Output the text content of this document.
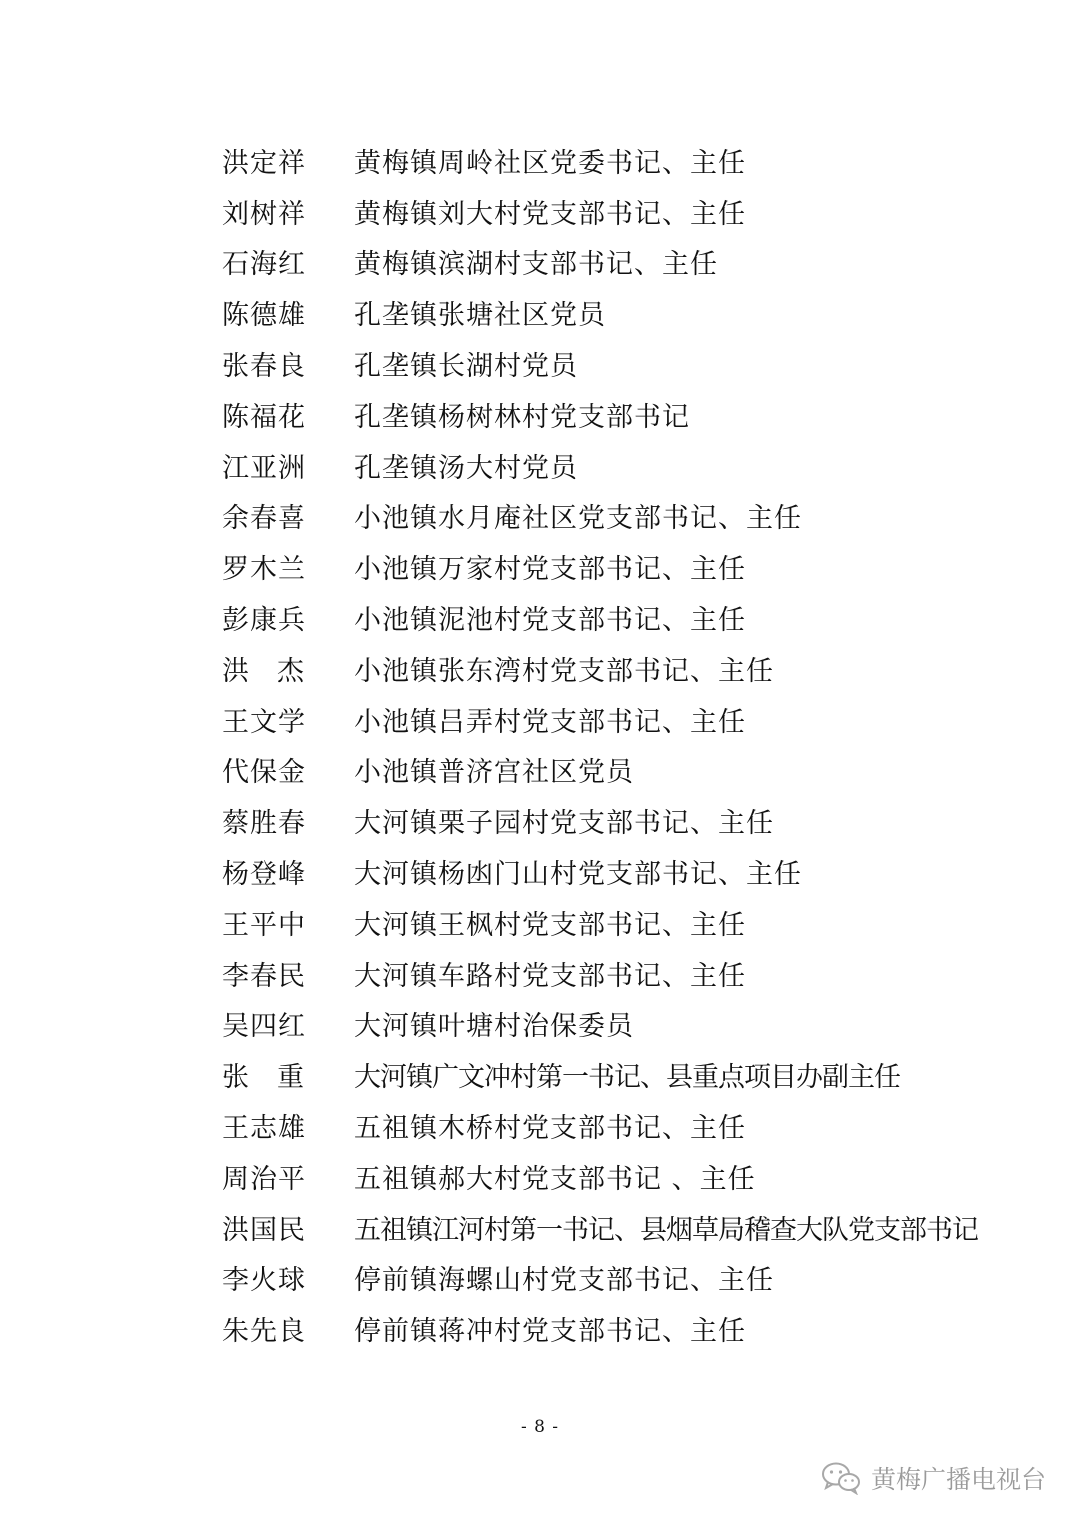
洪定祥	黄梅镇周岭社区党委书记、主任
刘树祥	黄梅镇刘大村党支部书记、主任
石海红	黄梅镇滨湖村支部书记、主任
陈德雄	孔垄镇张塘社区党员
张春良	孔垄镇长湖村党员
陈福花	孔垄镇杨树林村党支部书记
江亚洲	孔垄镇汤大村党员
余春喜	小池镇水月庵社区党支部书记、主任
罗木兰	小池镇万家村党支部书记、主任
彭康兵	小池镇泥池村党支部书记、主任
洪杰 小池镇张东湾村党支部书记、主任
王文学	小池镇吕弄村党支部书记、主任
代保金	小池镇普济宫社区党员
蔡胜春	大河镇栗子园村党支部书记、主任
杨登峰	大河镇杨凼门山村党支部书记、主任
王平中	大河镇王枫村党支部书记、主任
李春民	大河镇车路村党支部书记、主任
吴四红	大河镇叶塘村治保委员
张重 大河镇广文冲村第一书记、县重点项目办副主任
王志雄	五祖镇木桥村党支部书记、主任
周治平	五祖镇郝大村党支部书记 、主任
洪国民	五祖镇江河村第一书记、县烟草局稽查大队党支部书记
李火球	停前镇海螺山村党支部书记、主任
朱先良	停前镇蒋冲村党支部书记、主任
- 8 -
黄梅广播电视台
